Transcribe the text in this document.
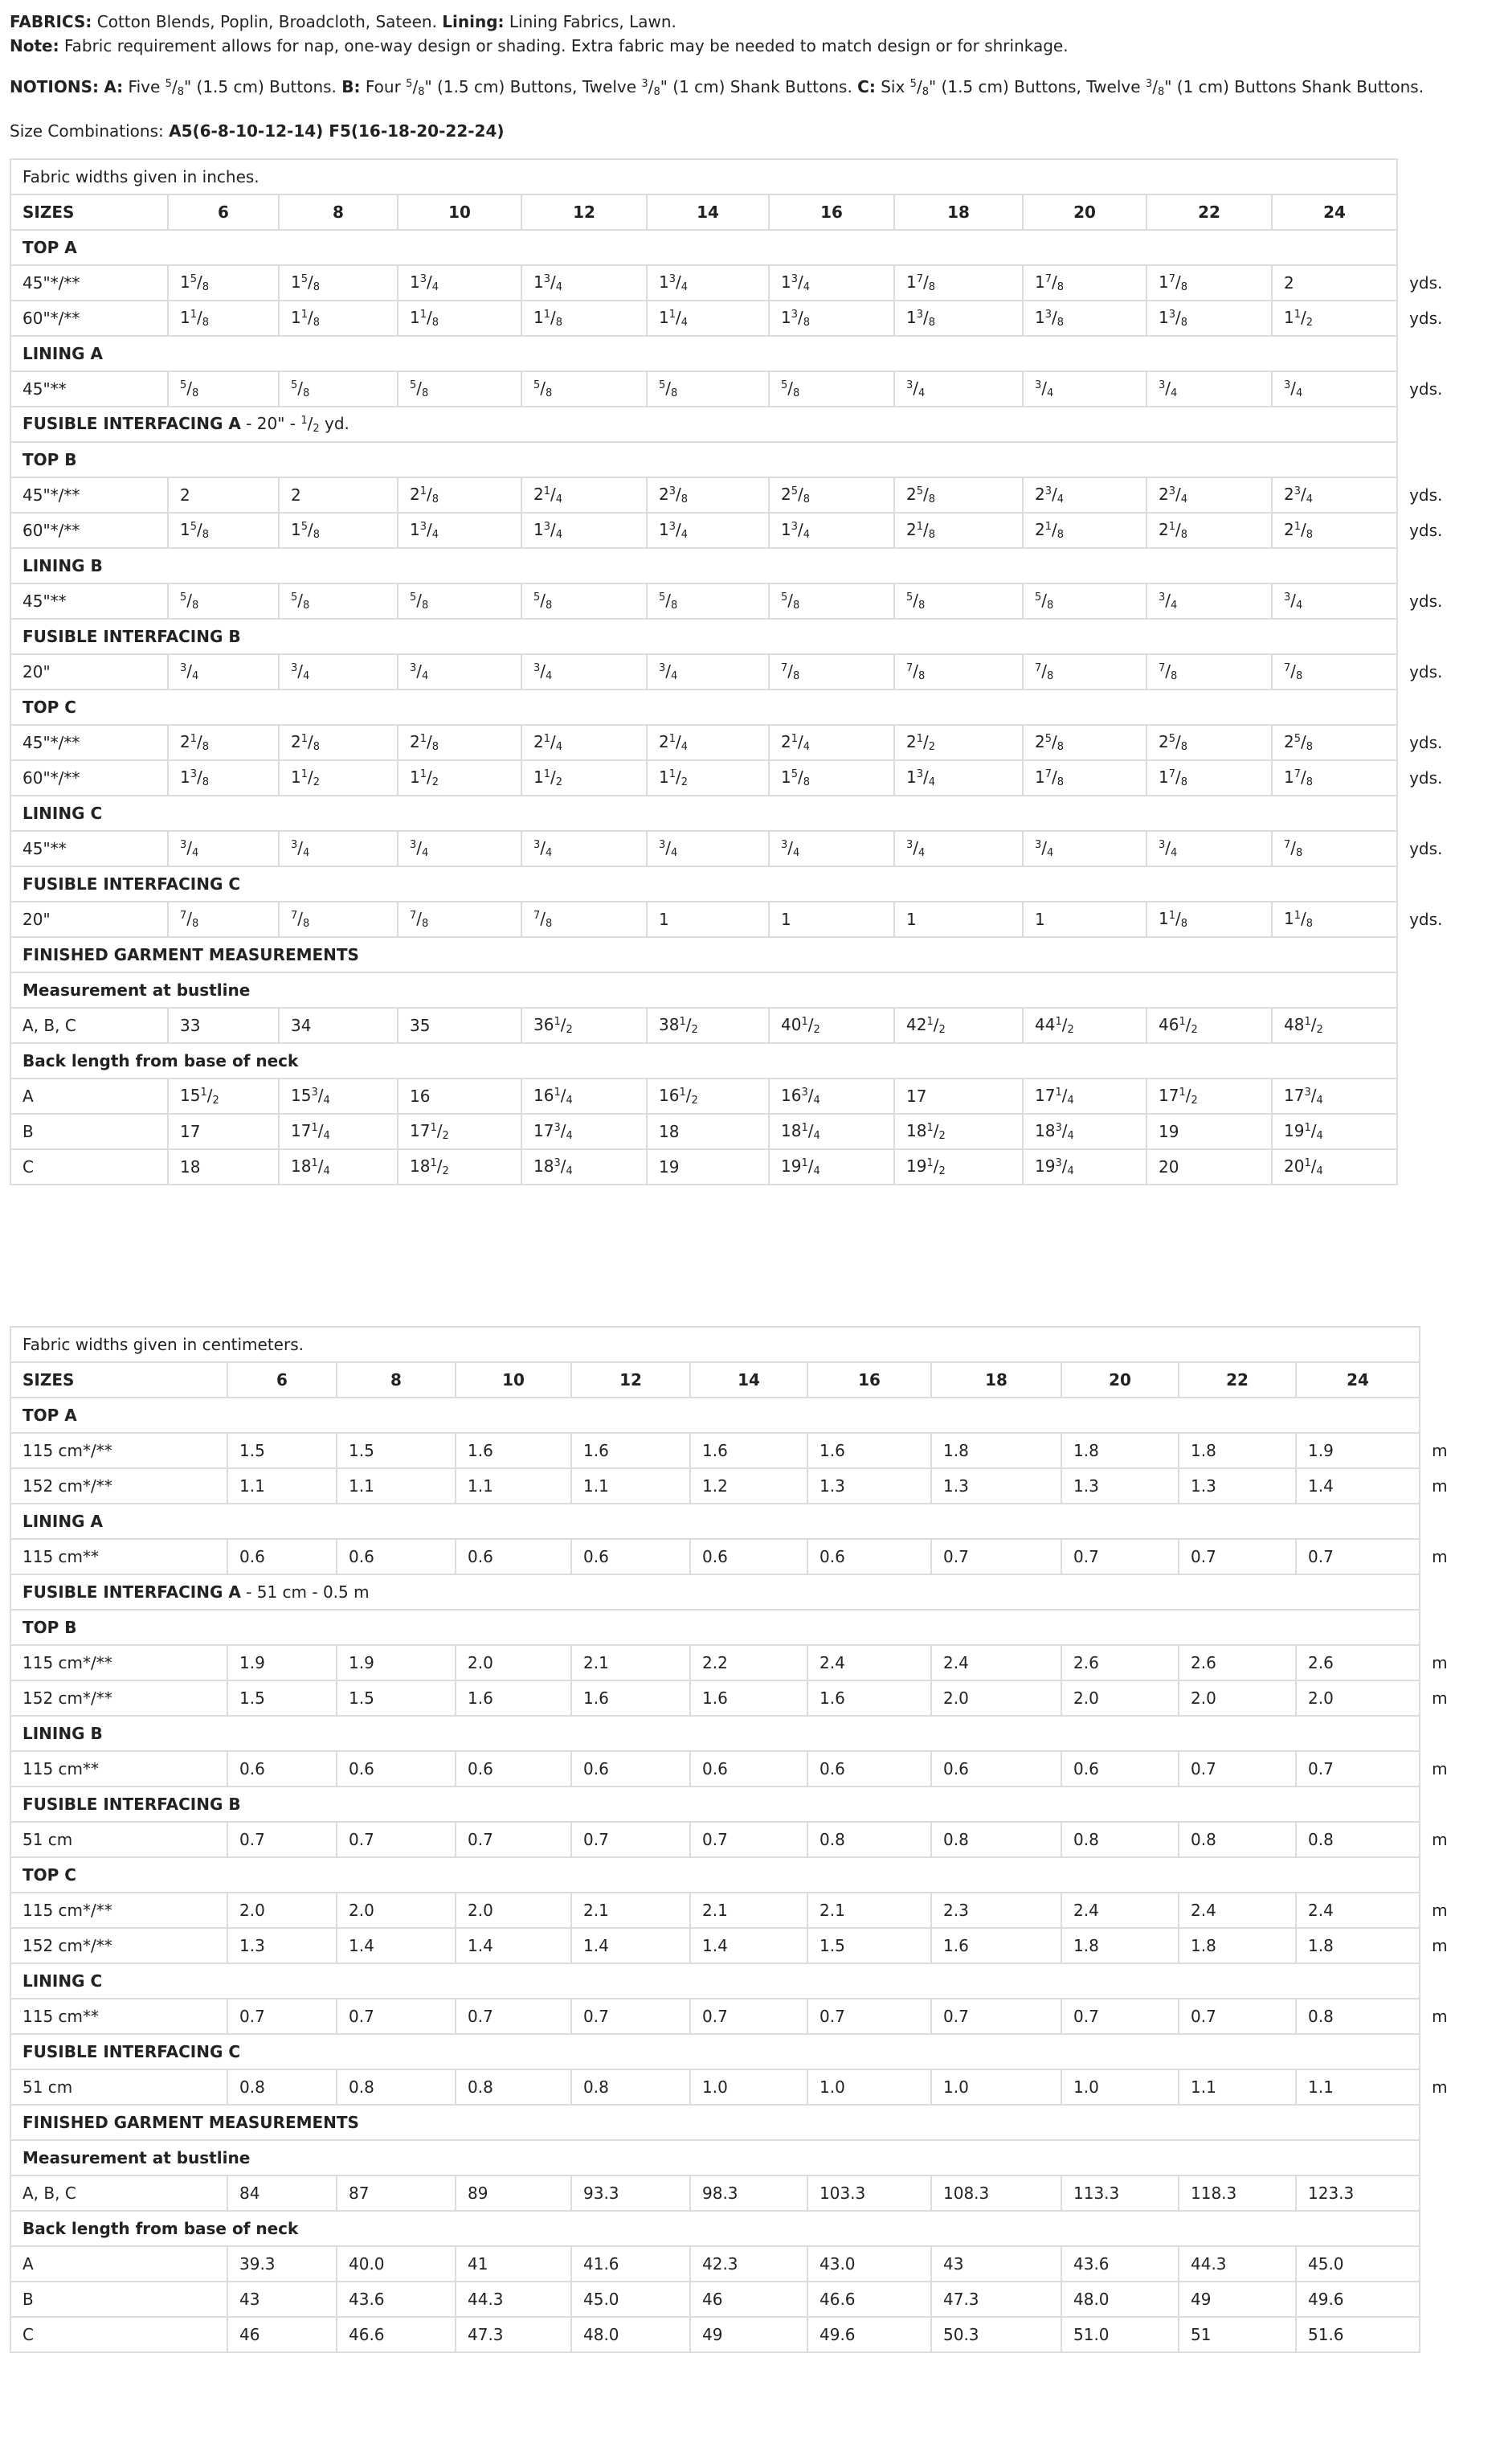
FABRICS: Cotton Blends, Poplin, Broadcloth, Sateen. Lining: Lining Fabrics, Lawn.

Note: Fabric requirement allows for nap, one-way design or shading. Extra fabric may be needed to match design or for shrinkage.

NOTIONS: A: Five $^5/_8$" (1.5 cm) Buttons. B: Four $^5/_8$" (1.5 cm) Buttons, Twelve $^3/_8$" (1 cm) Shank Buttons. C: Six $^5/_8$" (1.5 cm) Buttons, Twelve $^3/_8$" (1 cm) Buttons Shank Buttons.

Size Combinations: A5(6-8-10-12-14) F5(16-18-20-22-24)

Fabric widths given in inches.											
SIZES	6	8	10	12	14	16	18	20	22	24	
TOP A											
45"*/**	$1^5/_8$	$1^5/_8$	$1^3/_4$	$1^3/_4$	$1^3/_4$	$1^3/_4$	$1^7/_8$	$1^7/_8$	$1^7/_8$	2	yds.
60"*/**	$1^1/_8$	$1^1/_8$	$1^1/_8$	$1^1/_8$	$1^1/_4$	$1^3/_8$	$1^3/_8$	$1^3/_8$	$1^3/_8$	$1^1/_2$	yds.
LINING A											
45"**	$^5/_8$	$^5/_8$	$^5/_8$	$^5/_8$	$^5/_8$	$^5/_8$	$^3/_4$	$^3/_4$	$^3/_4$	$^3/_4$	yds.
FUSIBLE INTERFACING A - 20" - $^1/_2$ yd.											
TOP B											
45"*/**	2	2	$2^1/_8$	$2^1/_4$	$2^3/_8$	$2^5/_8$	$2^5/_8$	$2^3/_4$	$2^3/_4$	$2^3/_4$	yds.
60"*/**	$1^5/_8$	$1^5/_8$	$1^3/_4$	$1^3/_4$	$1^3/_4$	$1^3/_4$	$2^1/_8$	$2^1/_8$	$2^1/_8$	$2^1/_8$	yds.
LINING B											
45"**	$^5/_8$	$^5/_8$	$^5/_8$	$^5/_8$	$^5/_8$	$^5/_8$	$^5/_8$	$^5/_8$	$^3/_4$	$^3/_4$	yds.
FUSIBLE INTERFACING B											
20"	$^3/_4$	$^3/_4$	$^3/_4$	$^3/_4$	$^3/_4$	$^7/_8$	$^7/_8$	$^7/_8$	$^7/_8$	$^7/_8$	yds.
TOP C											
45"*/**	$2^1/_8$	$2^1/_8$	$2^1/_8$	$2^1/_4$	$2^1/_4$	$2^1/_4$	$2^1/_2$	$2^5/_8$	$2^5/_8$	$2^5/_8$	yds.
60"*/**	$1^3/_8$	$1^1/_2$	$1^1/_2$	$1^1/_2$	$1^1/_2$	$1^5/_8$	$1^3/_4$	$1^7/_8$	$1^7/_8$	$1^7/_8$	yds.
LINING C											
45"**	$^3/_4$	$^3/_4$	$^3/_4$	$^3/_4$	$^3/_4$	$^3/_4$	$^3/_4$	$^3/_4$	$^3/_4$	$^7/_8$	yds.
FUSIBLE INTERFACING C											
20"	$^7/_8$	$^7/_8$	$^7/_8$	$^7/_8$	1	1	1	1	$1^1/_8$	$1^1/_8$	yds.
FINISHED GARMENT MEASUREMENTS											
Measurement at bustline											
A, B, C	33	34	35	$36^1/_2$	$38^1/_2$	$40^1/_2$	$42^1/_2$	$44^1/_2$	$46^1/_2$	$48^1/_2$	
Back length from base of neck											
A	$15^1/_2$	$15^3/_4$	16	$16^1/_4$	$16^1/_2$	$16^3/_4$	17	$17^1/_4$	$17^1/_2$	$17^3/_4$	
B	17	$17^1/_4$	$17^1/_2$	$17^3/_4$	18	$18^1/_4$	$18^1/_2$	$18^3/_4$	19	$19^1/_4$	
C	18	$18^1/_4$	$18^1/_2$	$18^3/_4$	19	$19^1/_4$	$19^1/_2$	$19^3/_4$	20	$20^1/_4$	
Fabric widths given in centimeters.											
SIZES	6	8	10	12	14	16	18	20	22	24	
TOP A											
115 cm*/**	1.5	1.5	1.6	1.6	1.6	1.6	1.8	1.8	1.8	1.9	m
152 cm*/**	1.1	1.1	1.1	1.1	1.2	1.3	1.3	1.3	1.3	1.4	m
LINING A											
115 cm**	0.6	0.6	0.6	0.6	0.6	0.6	0.7	0.7	0.7	0.7	m
FUSIBLE INTERFACING A - 51 cm - 0.5 m											
TOP B											
115 cm*/**	1.9	1.9	2.0	2.1	2.2	2.4	2.4	2.6	2.6	2.6	m
152 cm*/**	1.5	1.5	1.6	1.6	1.6	1.6	2.0	2.0	2.0	2.0	m
LINING B											
115 cm**	0.6	0.6	0.6	0.6	0.6	0.6	0.6	0.6	0.7	0.7	m
FUSIBLE INTERFACING B											
51 cm	0.7	0.7	0.7	0.7	0.7	0.8	0.8	0.8	0.8	0.8	m
TOP C											
115 cm*/**	2.0	2.0	2.0	2.1	2.1	2.1	2.3	2.4	2.4	2.4	m
152 cm*/**	1.3	1.4	1.4	1.4	1.4	1.5	1.6	1.8	1.8	1.8	m
LINING C											
115 cm**	0.7	0.7	0.7	0.7	0.7	0.7	0.7	0.7	0.7	0.8	m
FUSIBLE INTERFACING C											
51 cm	0.8	0.8	0.8	0.8	1.0	1.0	1.0	1.0	1.1	1.1	m
FINISHED GARMENT MEASUREMENTS											
Measurement at bustline											
A, B, C	84	87	89	93.3	98.3	103.3	108.3	113.3	118.3	123.3	
Back length from base of neck											
A	39.3	40.0	41	41.6	42.3	43.0	43	43.6	44.3	45.0	
B	43	43.6	44.3	45.0	46	46.6	47.3	48.0	49	49.6	
C	46	46.6	47.3	48.0	49	49.6	50.3	51.0	51	51.6	
